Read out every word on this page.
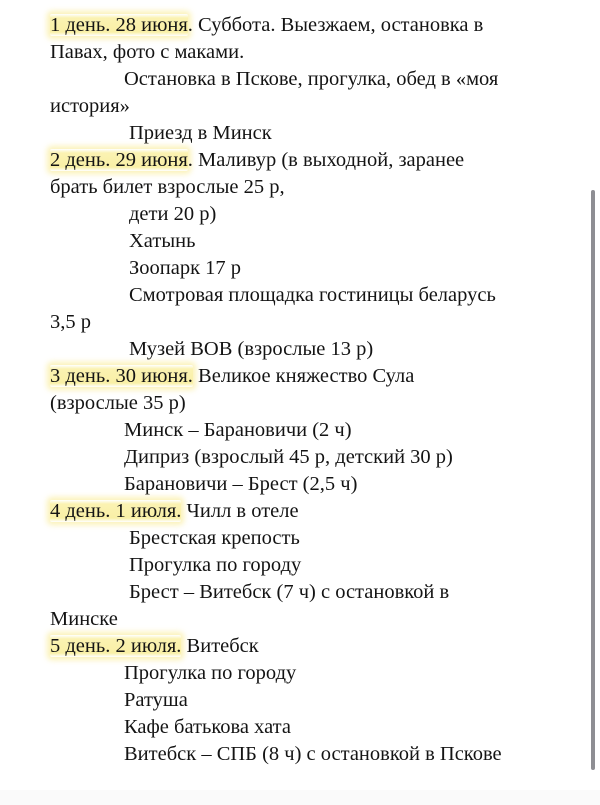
1 день. 28 июня. Суббота. Выезжаем, остановка в
Павах, фото с маками.
Остановка в Пскове, прогулка, обед в «моя
история»
Приезд в Минск
2 день. 29 июня. Маливур (в выходной, заранее
брать билет взрослые 25 р,
дети 20 р)
Хатынь
Зоопарк 17 р
Смотровая площадка гостиницы беларусь
3,5 р
Музей ВОВ (взрослые 13 р)
3 день. 30 июня. Великое княжество Сула
(взрослые 35 р)
Минск – Барановичи (2 ч)
Диприз (взрослый 45 р, детский 30 р)
Барановичи – Брест (2,5 ч)
4 день. 1 июля. Чилл в отеле
Брестская крепость
Прогулка по городу
Брест – Витебск (7 ч) с остановкой в
Минске
5 день. 2 июля. Витебск
Прогулка по городу
Ратуша
Кафе батькова хата
Витебск – СПБ (8 ч) с остановкой в Пскове
